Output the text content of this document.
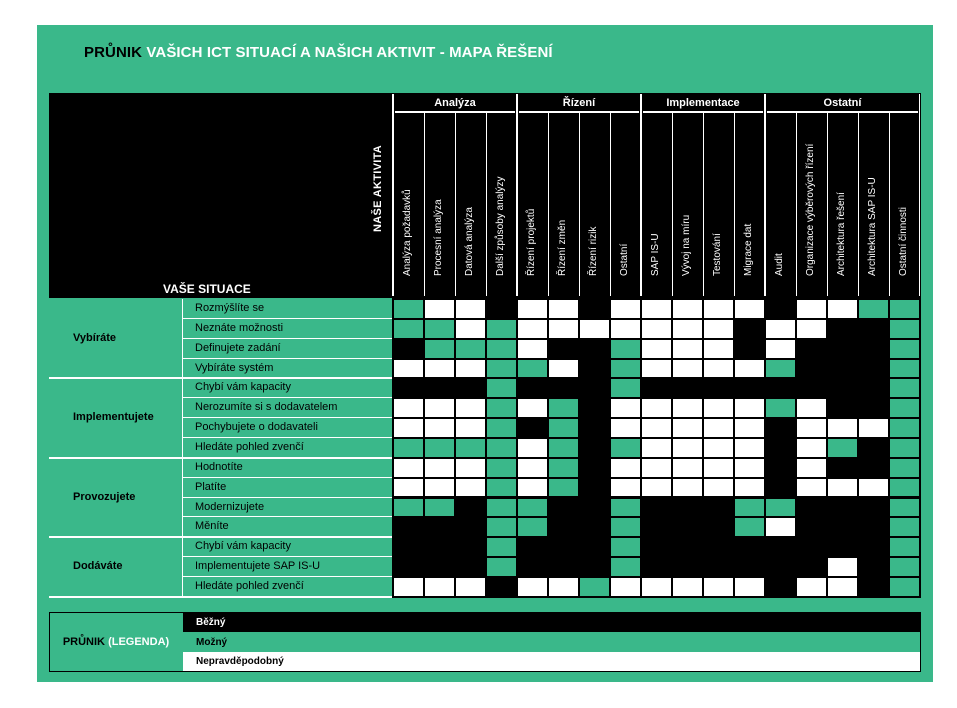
PRŮNIK VAŠICH ICT SITUACÍ A NAŠICH AKTIVIT - MAPA ŘEŠENÍ
NAŠE AKTIVITA
VAŠE SITUACE
Analýza
Analýza požadavků Procesní analýza Datová analýza Další způsoby analýzy
Řízení
Řízení projektů Řízení změn Řízení rizik Ostatní
Implementace
SAP IS-U Vývoj na míru Testování Migrace dat
Ostatní
Audit Organizace výběrových řízení Architektura řešení Architektura SAP IS-U Ostatní činnosti
Rozmýšlíte se
Neznáte možnosti
Definujete zadání
Vybíráte systém
Vybíráte
Chybí vám kapacity
Nerozumíte si s dodavatelem
Pochybujete o dodavateli
Hledáte pohled zvenčí
Implementujete
Hodnotíte
Platíte
Modernizujete
Měníte
Provozujete
Chybí vám kapacity
Implementujete SAP IS-U
Hledáte pohled zvenčí
Dodáváte
PRŮNIK (LEGENDA)
Běžný
Možný
Nepravděpodobný
